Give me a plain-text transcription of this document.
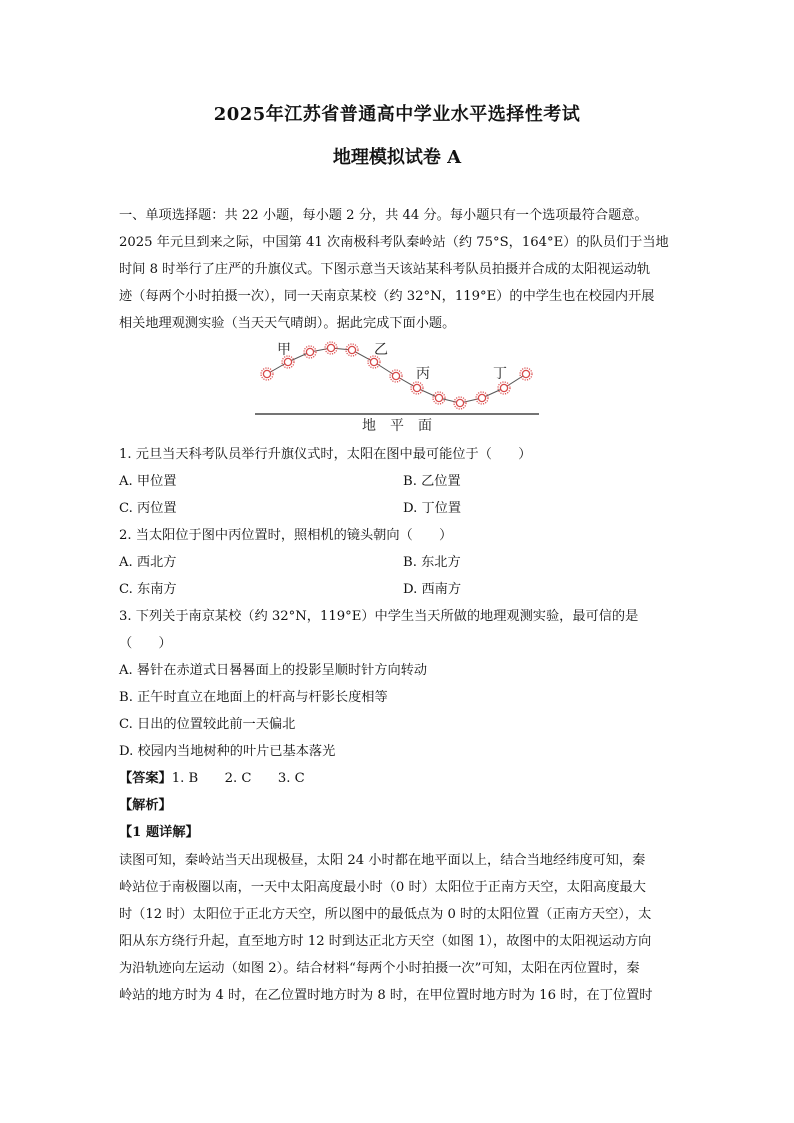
2025年江苏省普通高中学业水平选择性考试
地理模拟试卷 A
一、单项选择题：共 22 小题，每小题 2 分，共 44 分。每小题只有一个选项最符合题意。
2025 年元旦到来之际，中国第 41 次南极科考队秦岭站（约 75°S，164°E）的队员们于当地
时间 8 时举行了庄严的升旗仪式。下图示意当天该站某科考队员拍摄并合成的太阳视运动轨
迹（每两个小时拍摄一次），同一天南京某校（约 32°N，119°E）的中学生也在校园内开展
相关地理观测实验（当天天气晴朗）。据此完成下面小题。
甲	乙
丙	丁
地　平　面
1. 元旦当天科考队员举行升旗仪式时，太阳在图中最可能位于（　　）
A. 甲位置	B. 乙位置
C. 丙位置	D. 丁位置
2. 当太阳位于图中丙位置时，照相机的镜头朝向（　　）
A. 西北方	B. 东北方
C. 东南方	D. 西南方
3. 下列关于南京某校（约 32°N，119°E）中学生当天所做的地理观测实验，最可信的是
（　　）
A. 晷针在赤道式日晷晷面上的投影呈顺时针方向转动
B. 正午时直立在地面上的杆高与杆影长度相等
C. 日出的位置较此前一天偏北
D. 校园内当地树种的叶片已基本落光
【答案】1. B　　2. C　　3. C
【解析】
【1 题详解】
读图可知，秦岭站当天出现极昼，太阳 24 小时都在地平面以上，结合当地经纬度可知，秦
岭站位于南极圈以南，一天中太阳高度最小时（0 时）太阳位于正南方天空，太阳高度最大
时（12 时）太阳位于正北方天空，所以图中的最低点为 0 时的太阳位置（正南方天空），太
阳从东方绕行升起，直至地方时 12 时到达正北方天空（如图 1），故图中的太阳视运动方向
为沿轨迹向左运动（如图 2）。结合材料“每两个小时拍摄一次”可知，太阳在丙位置时，秦
岭站的地方时为 4 时，在乙位置时地方时为 8 时，在甲位置时地方时为 16 时，在丁位置时
